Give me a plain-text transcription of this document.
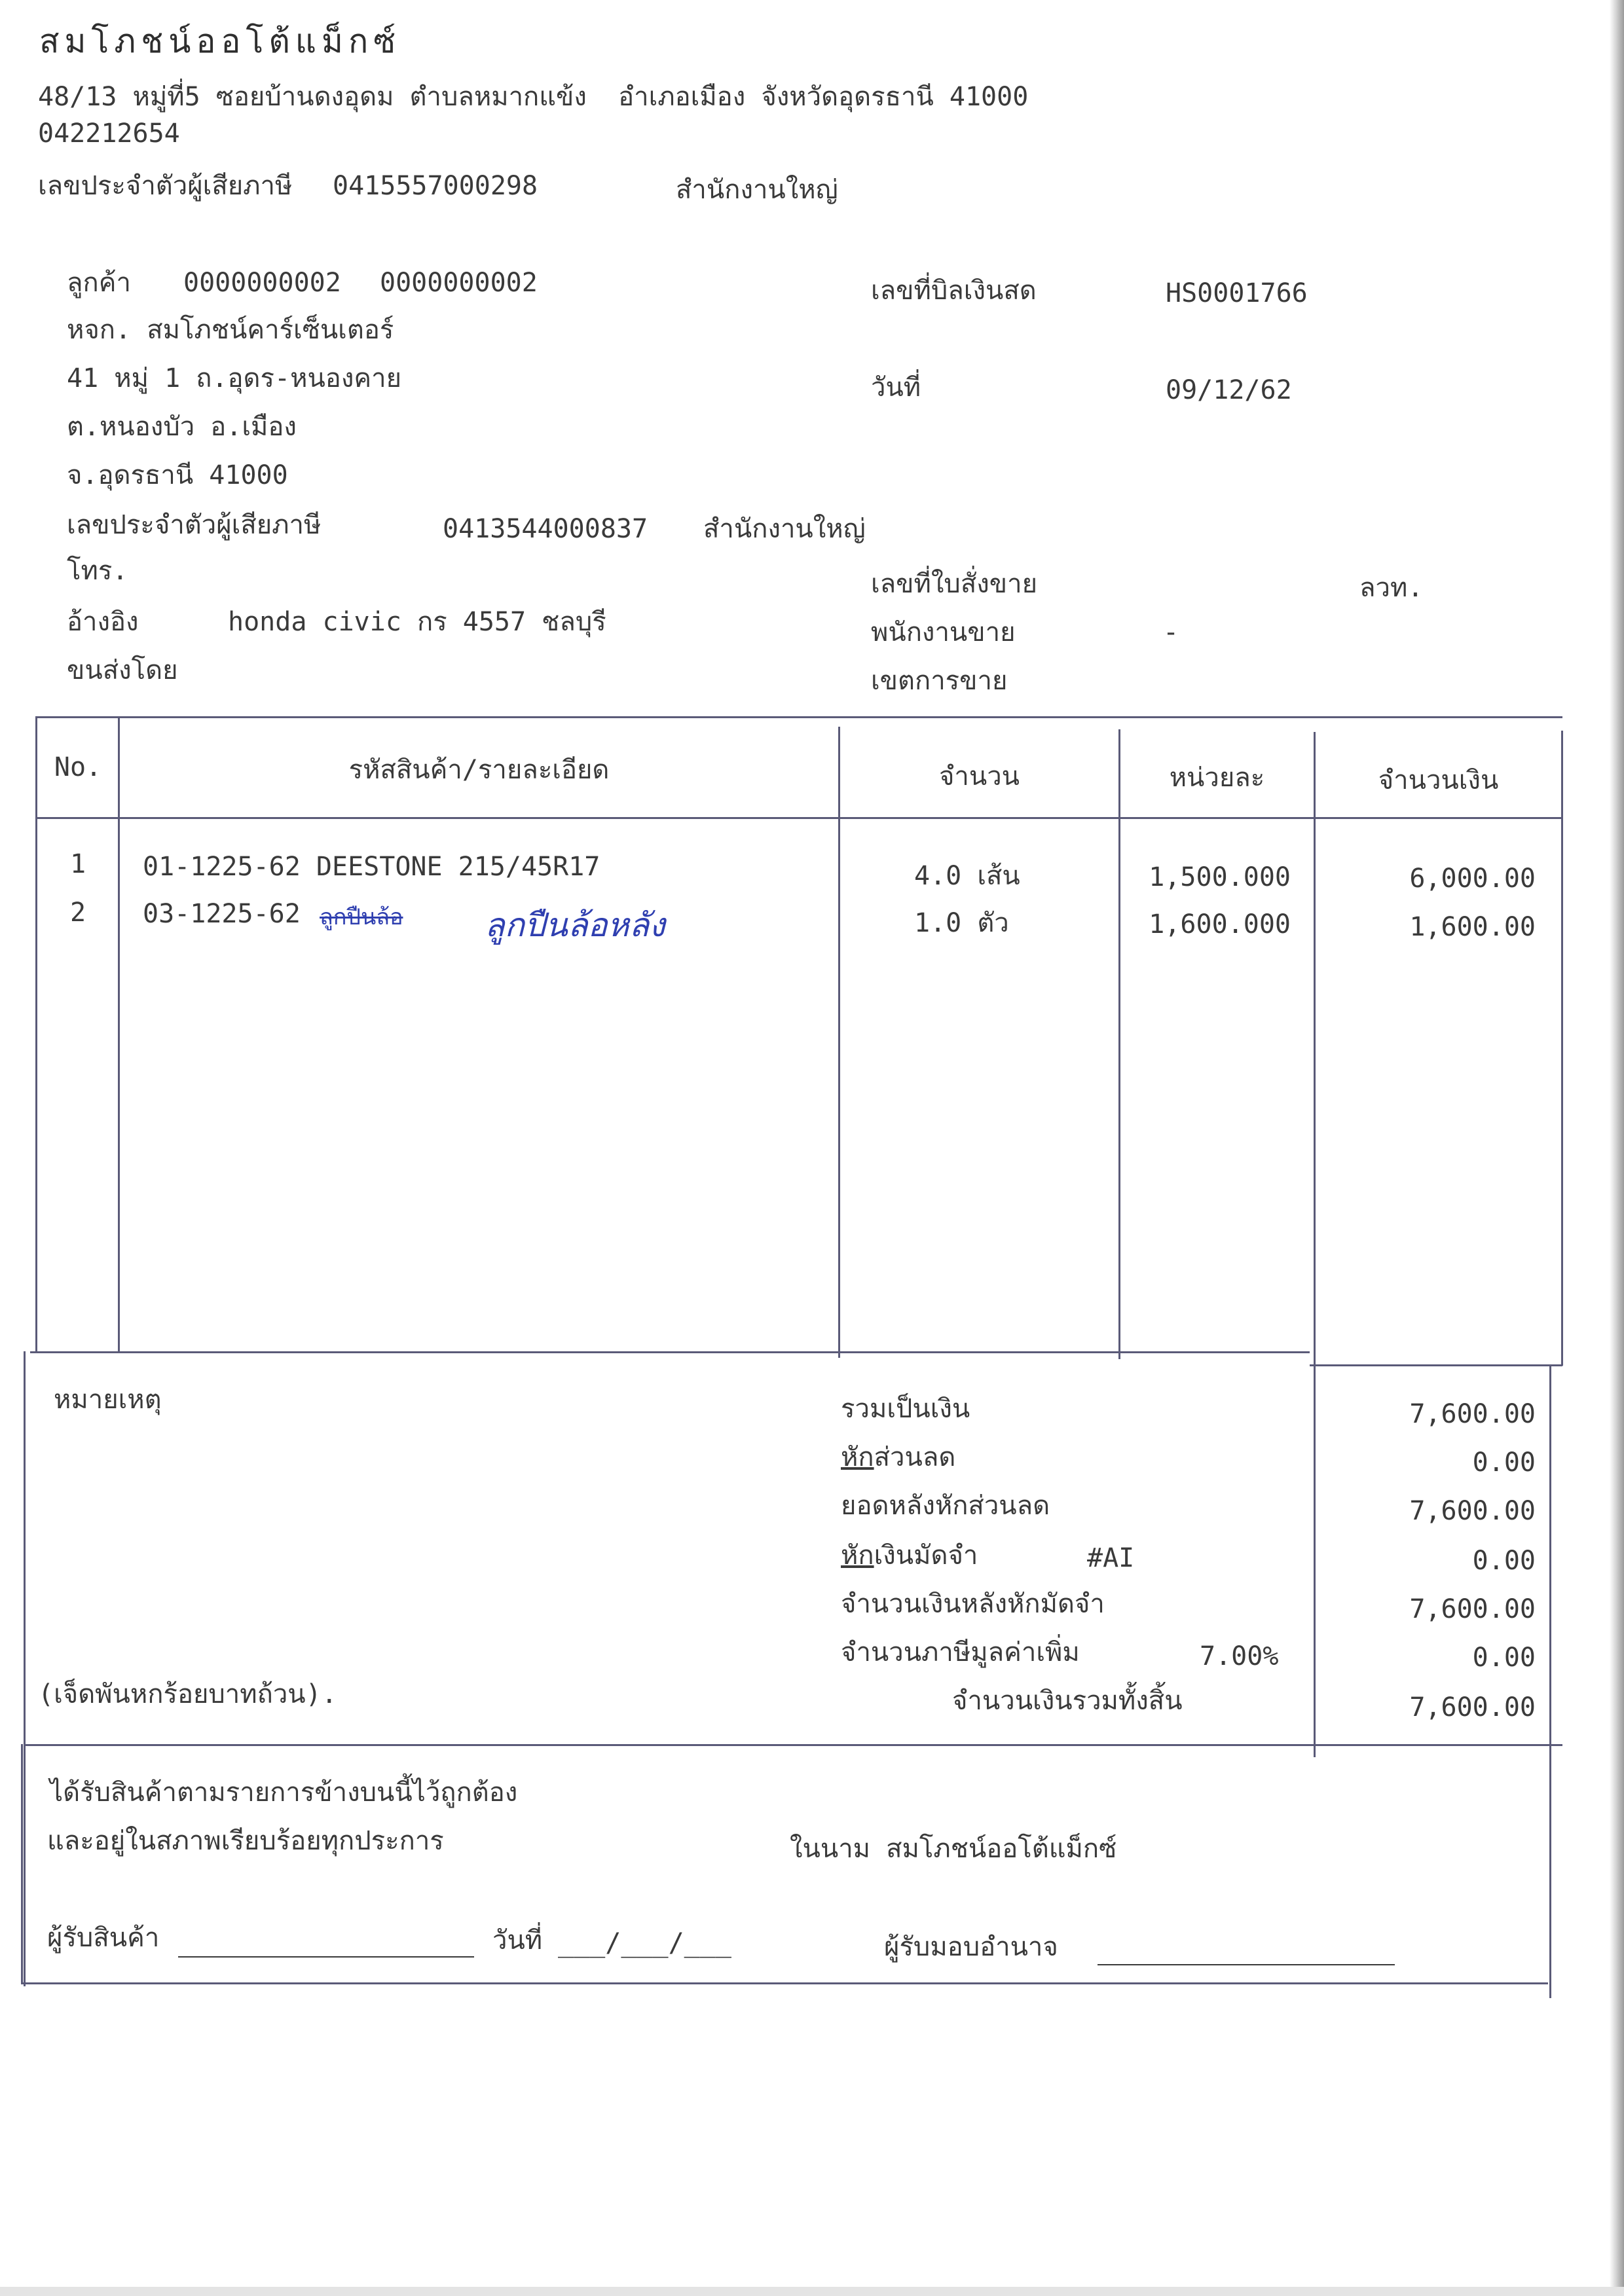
สมโภชน์ออโต้แม็กซ์
48/13 หมู่ที่5 ซอยบ้านดงอุดม ตำบลหมากแข้ง  อำเภอเมือง จังหวัดอุดรธานี 41000
042212654
เลขประจำตัวผู้เสียภาษี 0415557000298	สำนักงานใหญ่
ลูกค้า 0000000002 0000000002
หจก. สมโภชน์คาร์เซ็นเตอร์
41 หมู่ 1 ถ.อุดร-หนองคาย
ต.หนองบัว อ.เมือง
จ.อุดรธานี 41000
เลขประจำตัวผู้เสียภาษี	0413544000837 สำนักงานใหญ่
โทร.
อ้างอิง	honda civic กร 4557 ชลบุรี
ขนส่งโดย
เลขที่บิลเงินสด	HS0001766
วันที่	09/12/62
เลขที่ใบสั่งขาย	ลวท.
พนักงานขาย	-
เขตการขาย
No.	รหัสสินค้า/รายละเอียด	จำนวน	หน่วยละ	จำนวนเงิน
1	01-1225-62 DEESTONE 215/45R17	4.0 เส้น	1,500.000	6,000.00
2	03-1225-62 ลูกปืนล้อ ลูกปืนล้อหลัง	1.0 ตัว	1,600.000	1,600.00
หมายเหตุ
(เจ็ดพันหกร้อยบาทถ้วน).
รวมเป็นเงิน	7,600.00
หักส่วนลด	0.00
ยอดหลังหักส่วนลด	7,600.00
หักเงินมัดจำ	#AI	0.00
จำนวนเงินหลังหักมัดจำ	7,600.00
จำนวนภาษีมูลค่าเพิ่ม	7.00%	0.00
จำนวนเงินรวมทั้งสิ้น	7,600.00
ได้รับสินค้าตามรายการข้างบนนี้ไว้ถูกต้อง
และอยู่ในสภาพเรียบร้อยทุกประการ	ในนาม สมโภชน์ออโต้แม็กซ์
ผู้รับสินค้า	วันที่ ___/___/___	ผู้รับมอบอำนาจ
